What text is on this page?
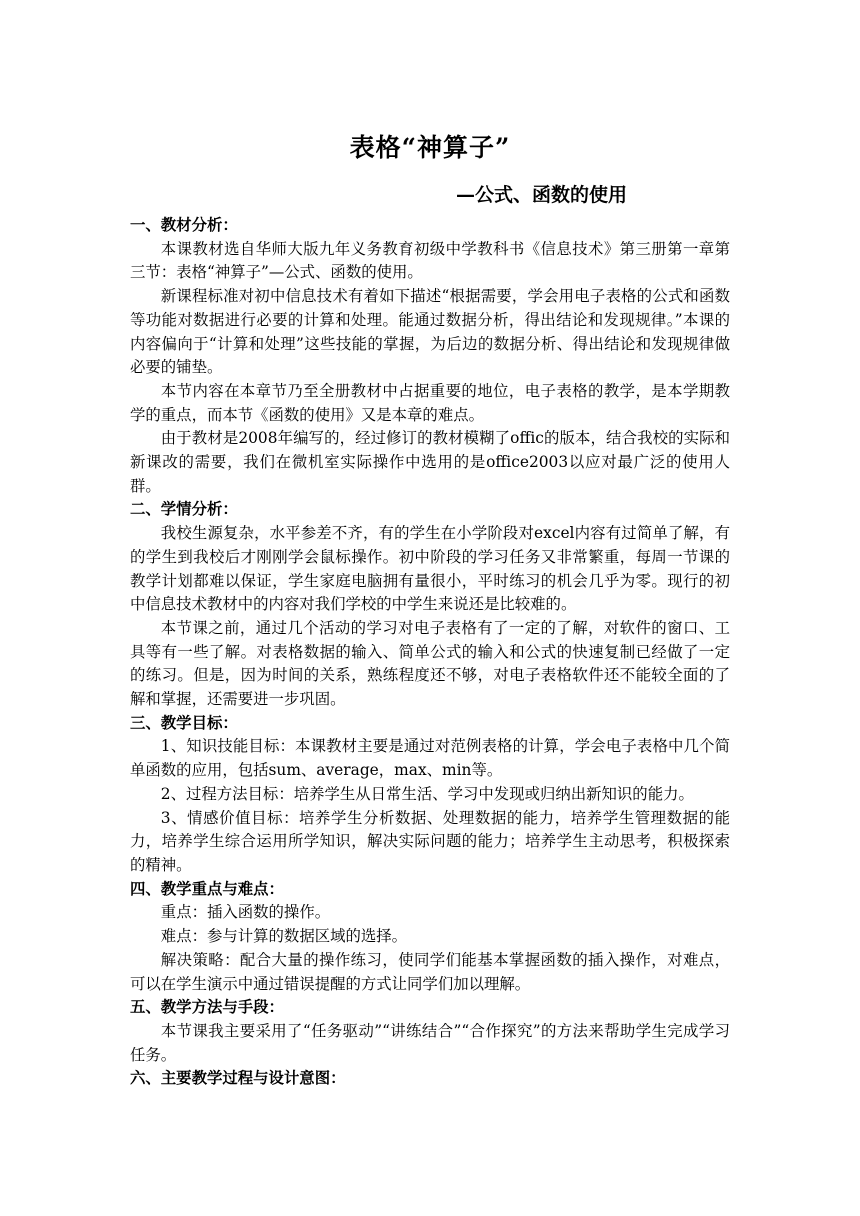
表格“神算子”
—公式、函数的使用

一、教材分析：

本课教材选自华师大版九年义务教育初级中学教科书《信息技术》第三册第一章第三节：表格“神算子”—公式、函数的使用。

新课程标准对初中信息技术有着如下描述“根据需要，学会用电子表格的公式和函数等功能对数据进行必要的计算和处理。能通过数据分析，得出结论和发现规律。”本课的内容偏向于“计算和处理”这些技能的掌握，为后边的数据分析、得出结论和发现规律做必要的铺垫。

本节内容在本章节乃至全册教材中占据重要的地位，电子表格的教学，是本学期教学的重点，而本节《函数的使用》又是本章的难点。

由于教材是2008年编写的，经过修订的教材模糊了offic的版本，结合我校的实际和新课改的需要，我们在微机室实际操作中选用的是office2003以应对最广泛的使用人群。

二、学情分析：

我校生源复杂，水平参差不齐，有的学生在小学阶段对excel内容有过简单了解，有的学生到我校后才刚刚学会鼠标操作。初中阶段的学习任务又非常繁重，每周一节课的教学计划都难以保证，学生家庭电脑拥有量很小，平时练习的机会几乎为零。现行的初中信息技术教材中的内容对我们学校的中学生来说还是比较难的。

本节课之前，通过几个活动的学习对电子表格有了一定的了解，对软件的窗口、工具等有一些了解。对表格数据的输入、简单公式的输入和公式的快速复制已经做了一定的练习。但是，因为时间的关系，熟练程度还不够，对电子表格软件还不能较全面的了解和掌握，还需要进一步巩固。

三、教学目标：

1、知识技能目标：本课教材主要是通过对范例表格的计算，学会电子表格中几个简单函数的应用，包括sum、average，max、min等。

2、过程方法目标：培养学生从日常生活、学习中发现或归纳出新知识的能力。

3、情感价值目标：培养学生分析数据、处理数据的能力，培养学生管理数据的能力，培养学生综合运用所学知识，解决实际问题的能力；培养学生主动思考，积极探索的精神。

四、教学重点与难点：

重点：插入函数的操作。

难点：参与计算的数据区域的选择。

解决策略：配合大量的操作练习，使同学们能基本掌握函数的插入操作，对难点，可以在学生演示中通过错误提醒的方式让同学们加以理解。

五、教学方法与手段：

本节课我主要采用了“任务驱动”“讲练结合”“合作探究”的方法来帮助学生完成学习任务。

六、主要教学过程与设计意图：
